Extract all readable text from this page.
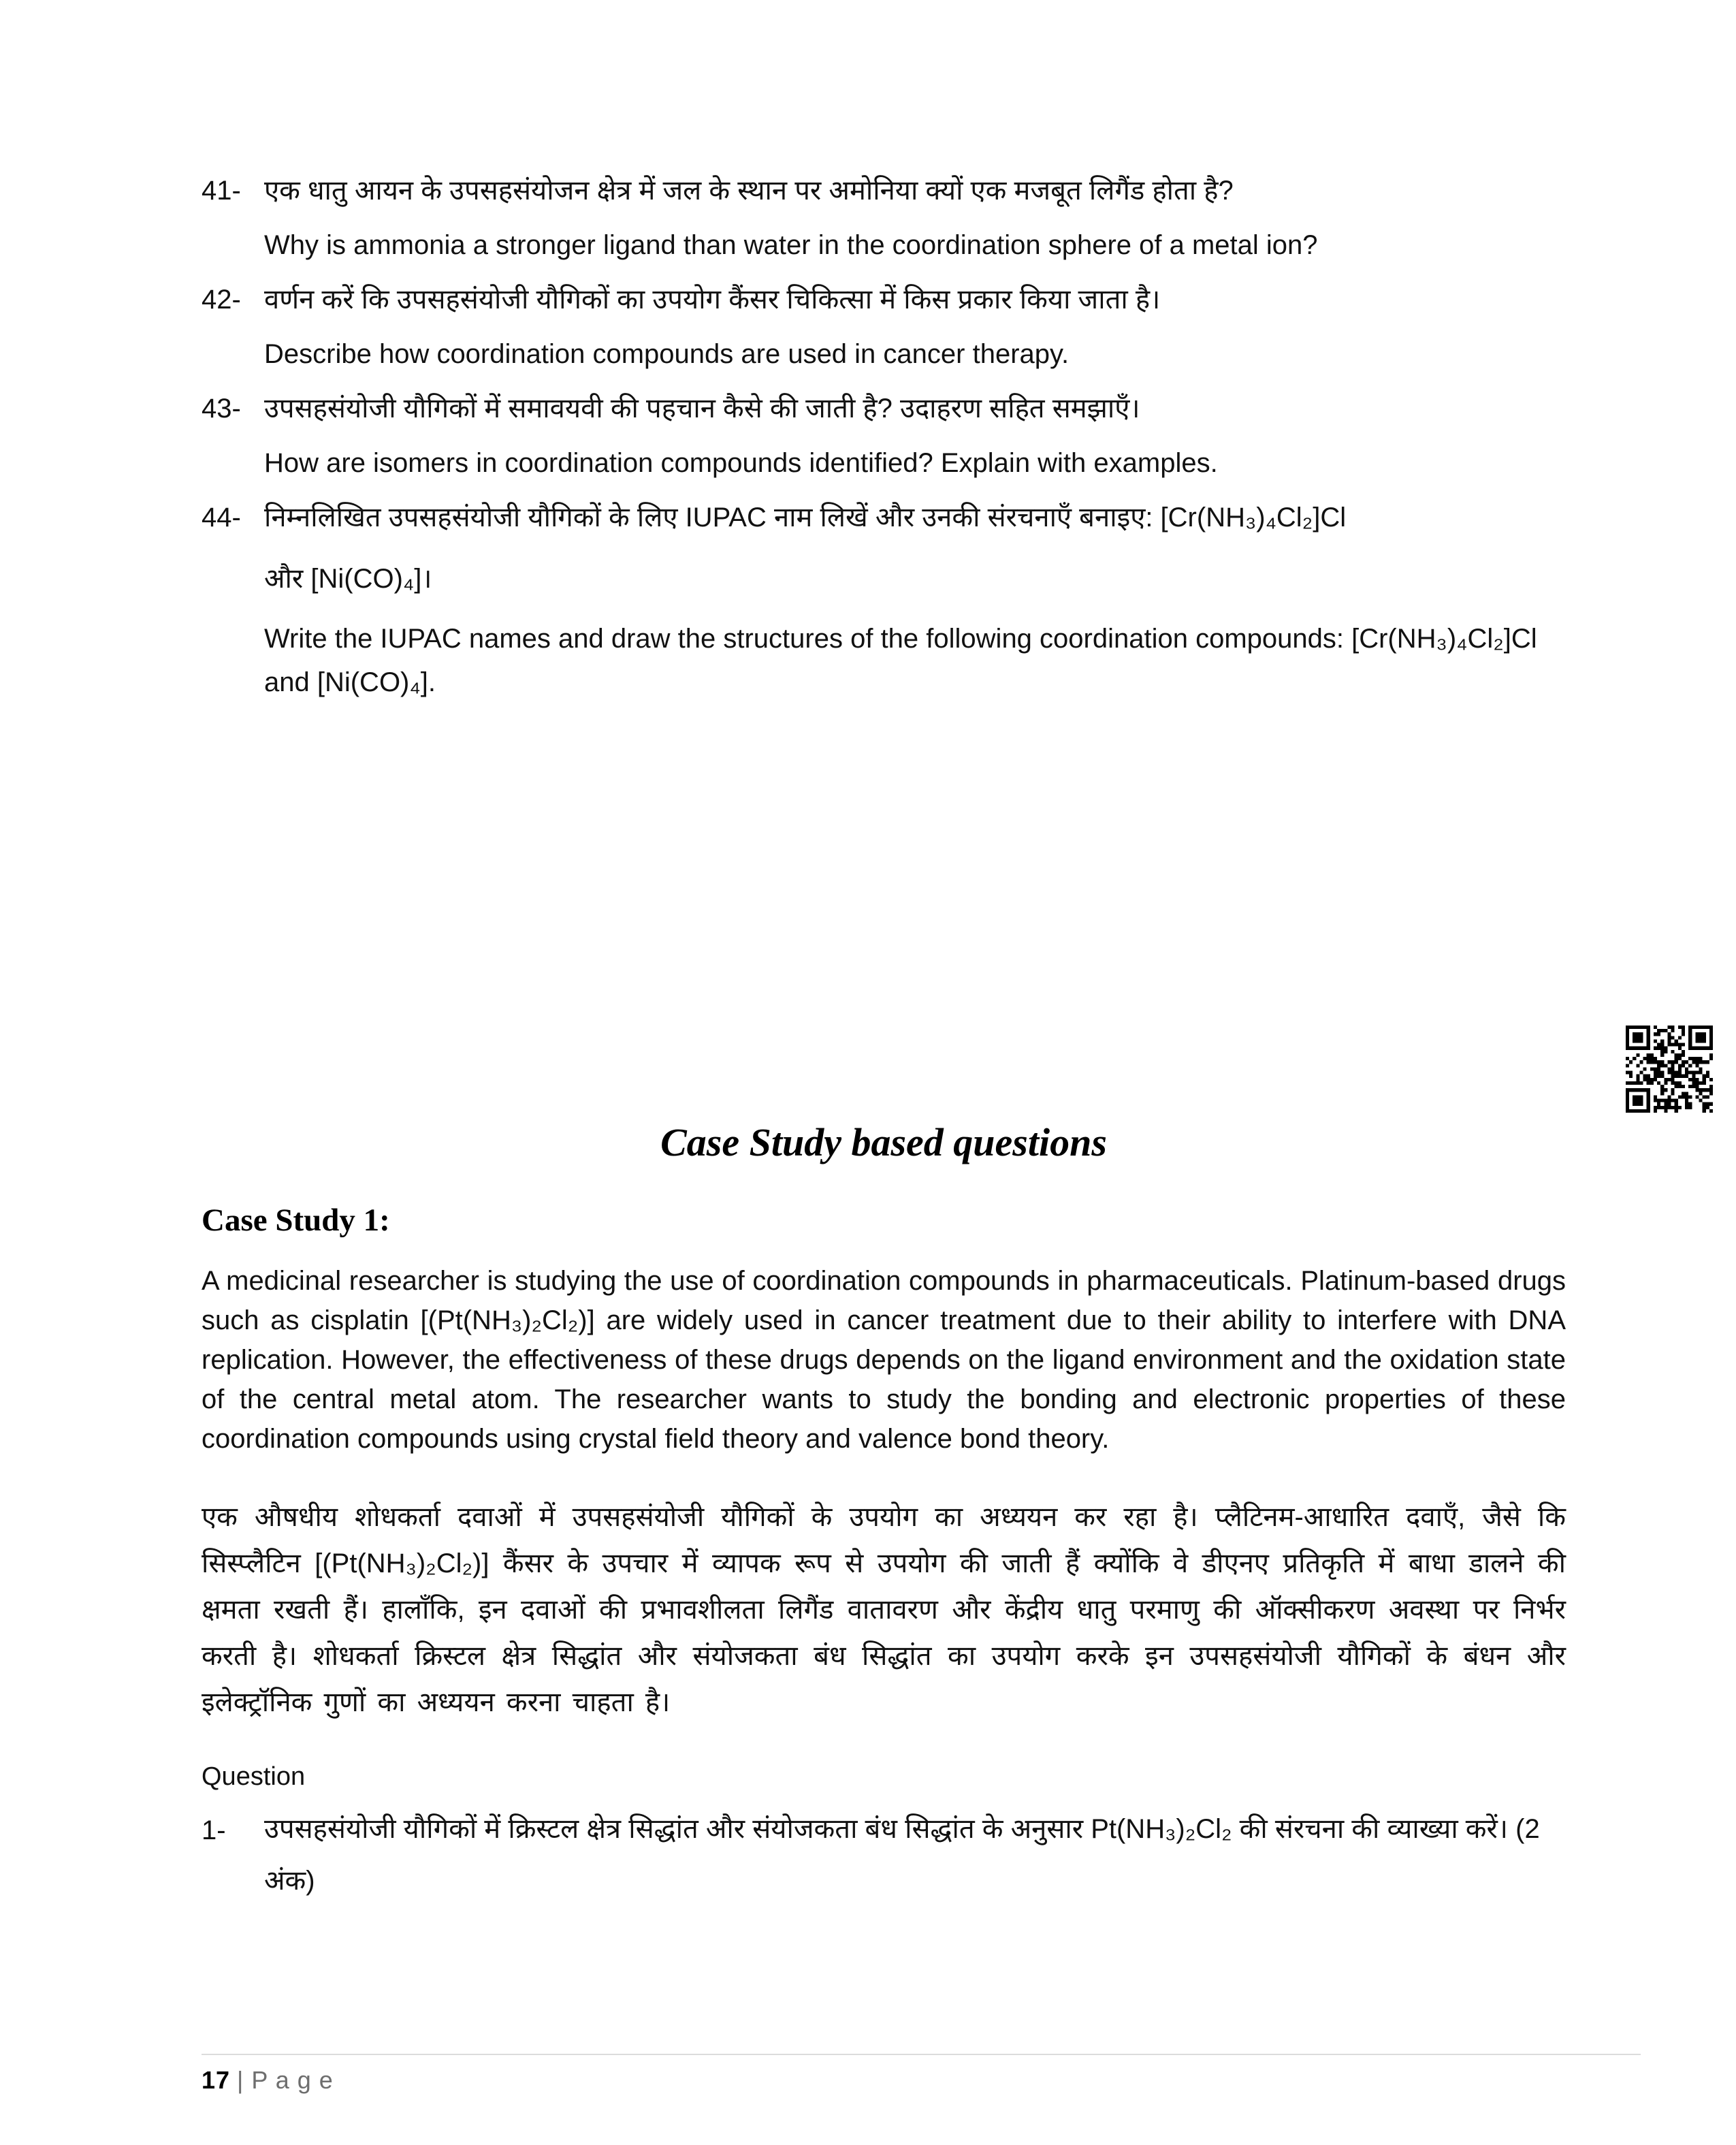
41- एक धातु आयन के उपसहसंयोजन क्षेत्र में जल के स्थान पर अमोनिया क्यों एक मजबूत लिगैंड होता है?
Why is ammonia a stronger ligand than water in the coordination sphere of a metal ion?
42- वर्णन करें कि उपसहसंयोजी यौगिकों का उपयोग कैंसर चिकित्सा में किस प्रकार किया जाता है।
Describe how coordination compounds are used in cancer therapy.
43- उपसहसंयोजी यौगिकों में समावयवी की पहचान कैसे की जाती है? उदाहरण सहित समझाएँ।
How are isomers in coordination compounds identified? Explain with examples.
44- निम्नलिखित उपसहसंयोजी यौगिकों के लिए IUPAC नाम लिखें और उनकी संरचनाएँ बनाइए: [Cr(NH₃)₄Cl₂]Cl
और [Ni(CO)₄]।
Write the IUPAC names and draw the structures of the following coordination compounds: [Cr(NH₃)₄Cl₂]Cl and [Ni(CO)₄].
Case Study based questions
Case Study 1:
A medicinal researcher is studying the use of coordination compounds in pharmaceuticals. Platinum-based drugs such as cisplatin [(Pt(NH₃)₂Cl₂)] are widely used in cancer treatment due to their ability to interfere with DNA replication. However, the effectiveness of these drugs depends on the ligand environment and the oxidation state of the central metal atom. The researcher wants to study the bonding and electronic properties of these coordination compounds using crystal field theory and valence bond theory.
एक औषधीय शोधकर्ता दवाओं में उपसहसंयोजी यौगिकों के उपयोग का अध्ययन कर रहा है। प्लैटिनम-आधारित दवाएँ, जैसे कि सिस्प्लैटिन [(Pt(NH₃)₂Cl₂)] कैंसर के उपचार में व्यापक रूप से उपयोग की जाती हैं क्योंकि वे डीएनए प्रतिकृति में बाधा डालने की क्षमता रखती हैं। हालाँकि, इन दवाओं की प्रभावशीलता लिगैंड वातावरण और केंद्रीय धातु परमाणु की ऑक्सीकरण अवस्था पर निर्भर करती है। शोधकर्ता क्रिस्टल क्षेत्र सिद्धांत और संयोजकता बंध सिद्धांत का उपयोग करके इन उपसहसंयोजी यौगिकों के बंधन और इलेक्ट्रॉनिक गुणों का अध्ययन करना चाहता है।
Question
1-	उपसहसंयोजी यौगिकों में क्रिस्टल क्षेत्र सिद्धांत और संयोजकता बंध सिद्धांत के अनुसार Pt(NH₃)₂Cl₂ की संरचना की व्याख्या करें। (2 अंक)
17 | P a g e
